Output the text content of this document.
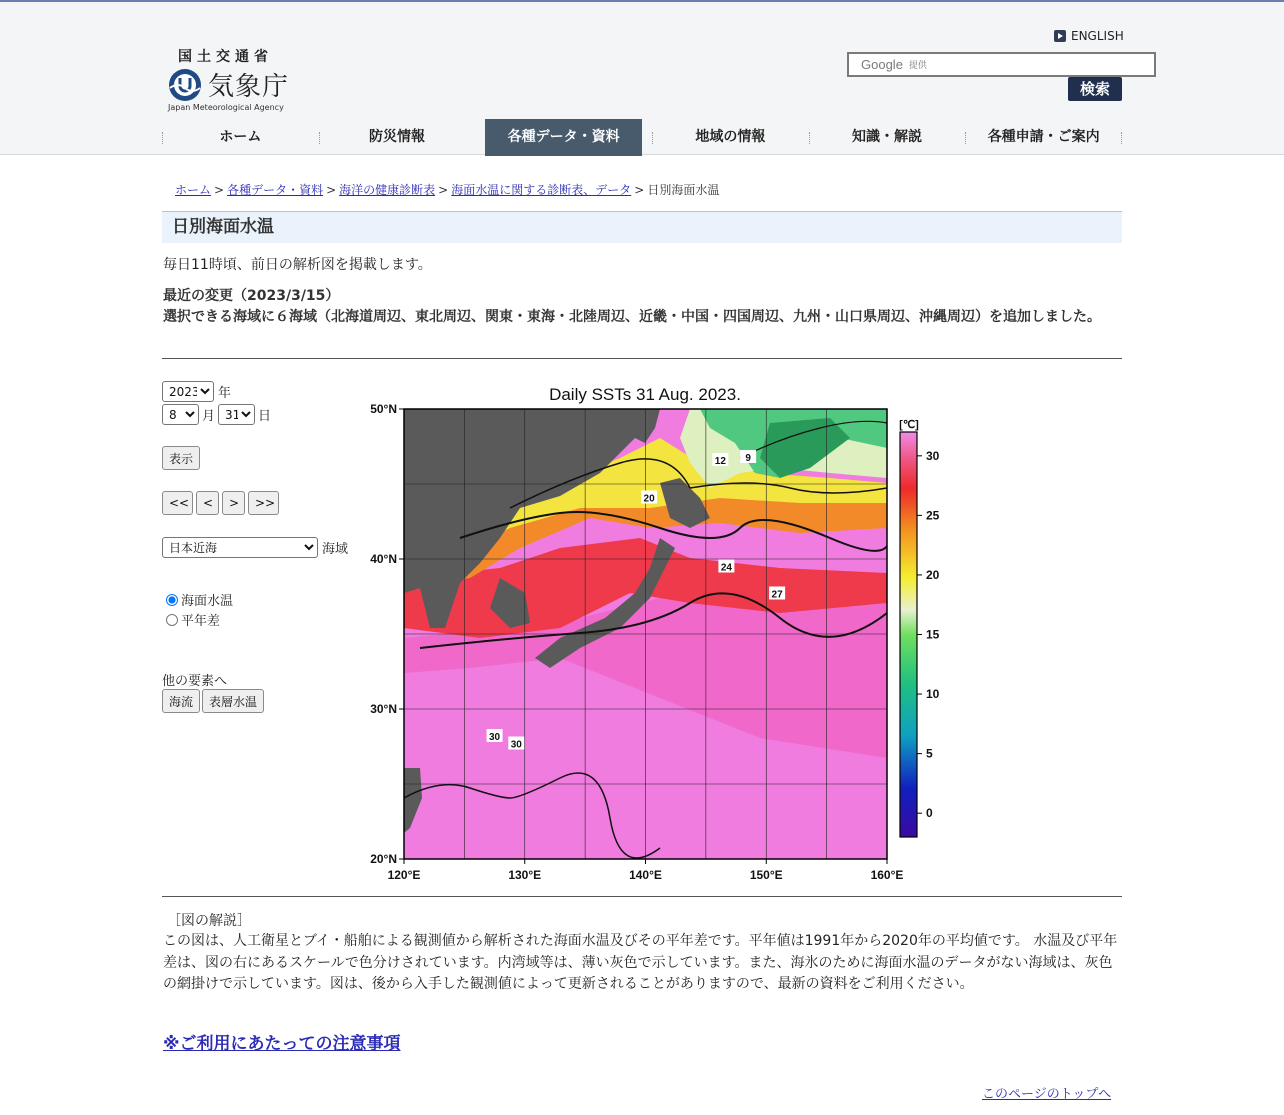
国土交通省
気象庁
Japan Meteorological Agency
ENGLISH
Google 提供
検索
ホーム	防災情報	各種データ・資料	地域の情報	知識・解説	各種申請・ご案内
ホーム > 各種データ・資料 > 海洋の健康診断表 > 海面水温に関する診断表、データ > 日別海面水温
日別海面水温

毎日11時頃、前日の解析図を掲載します。

最近の変更（2023/3/15）

選択できる海域に６海域（北海道周辺、東北周辺、関東・東海・北陸周辺、近畿・中国・四国周辺、九州・山口県周辺、沖縄周辺）を追加しました。

2023
年
8
月
31	日
表示
<<	<	>	>>
日本近海
海域
海面水温
平年差
他の要素へ
海流	表層水温
Daily SSTs 31 Aug. 2023.
9
12
20
24
27
30
30
50°N
40°N
30°N
20°N
120°E	130°E	140°E	150°E	160°E
[℃]
30
25
20
15
10
5
0

［図の解説］

この図は、人工衛星とブイ・船舶による観測値から解析された海面水温及びその平年差です。平年値は1991年から2020年の平均値です。 水温及び平年差は、図の右にあるスケールで色分けされています。内湾域等は、薄い灰色で示しています。また、海氷のために海面水温のデータがない海域は、灰色の網掛けで示しています。図は、後から入手した観測値によって更新されることがありますので、最新の資料をご利用ください。

※ご利用にあたっての注意事項
このページのトップへ
